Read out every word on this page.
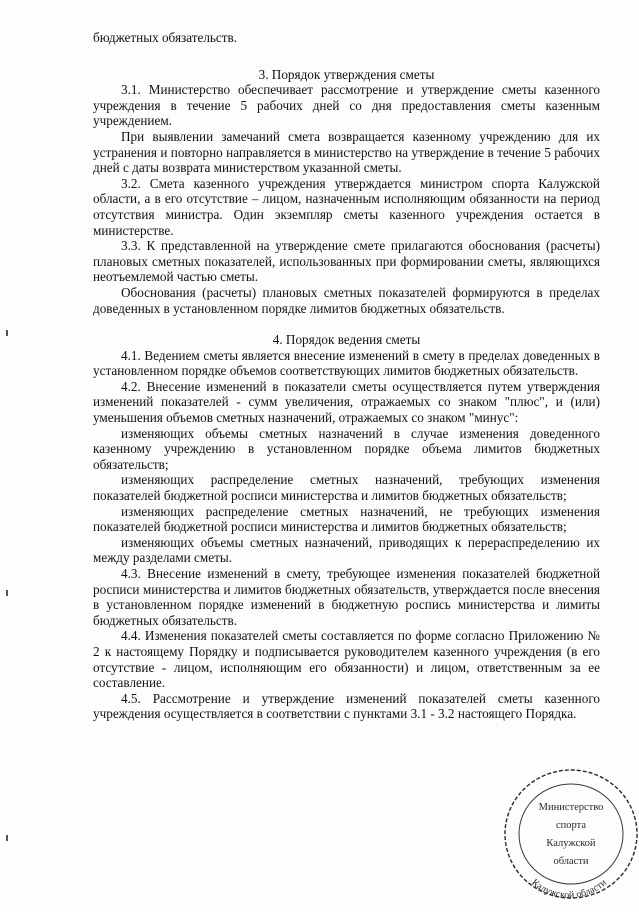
бюджетных обязательств.

3. Порядок утверждения сметы

3.1. Министерство обеспечивает рассмотрение и утверждение сметы казенного учреждения в течение 5 рабочих дней со дня предоставления сметы казенным учреждением.

При выявлении замечаний смета возвращается казенному учреждению для их устранения и повторно направляется в министерство на утверждение в течение 5 рабочих дней с даты возврата министерством указанной сметы.

3.2. Смета казенного учреждения утверждается министром спорта Калужской области, а в его отсутствие – лицом, назначенным исполняющим обязанности на период отсутствия министра. Один экземпляр сметы казенного учреждения остается в министерстве.

3.3. К представленной на утверждение смете прилагаются обоснования (расчеты) плановых сметных показателей, использованных при формировании сметы, являющихся неотъемлемой частью сметы.

Обоснования (расчеты) плановых сметных показателей формируются в пределах доведенных в установленном порядке лимитов бюджетных обязательств.

4. Порядок ведения сметы

4.1. Ведением сметы является внесение изменений в смету в пределах доведенных в установленном порядке объемов соответствующих лимитов бюджетных обязательств.

4.2. Внесение изменений в показатели сметы осуществляется путем утверждения изменений показателей - сумм увеличения, отражаемых со знаком "плюс", и (или) уменьшения объемов сметных назначений, отражаемых со знаком "минус":

изменяющих объемы сметных назначений в случае изменения доведенного казенному учреждению в установленном порядке объема лимитов бюджетных обязательств;

изменяющих распределение сметных назначений, требующих изменения показателей бюджетной росписи министерства и лимитов бюджетных обязательств;

изменяющих распределение сметных назначений, не требующих изменения показателей бюджетной росписи министерства и лимитов бюджетных обязательств;

изменяющих объемы сметных назначений, приводящих к перераспределению их между разделами сметы.

4.3. Внесение изменений в смету, требующее изменения показателей бюджетной росписи министерства и лимитов бюджетных обязательств, утверждается после внесения в установленном порядке изменений в бюджетную роспись министерства и лимиты бюджетных обязательств.

4.4. Изменения показателей сметы составляется по форме согласно Приложению № 2 к настоящему Порядку и подписывается руководителем казенного учреждения (в его отсутствие - лицом, исполняющим его обязанности) и лицом, ответственным за ее составление.

4.5. Рассмотрение и утверждение изменений показателей сметы казенного учреждения осуществляется в соответствии с пунктами 3.1 - 3.2 настоящего Порядка.

Калужской области
Министерство
спорта
Калужской
области
